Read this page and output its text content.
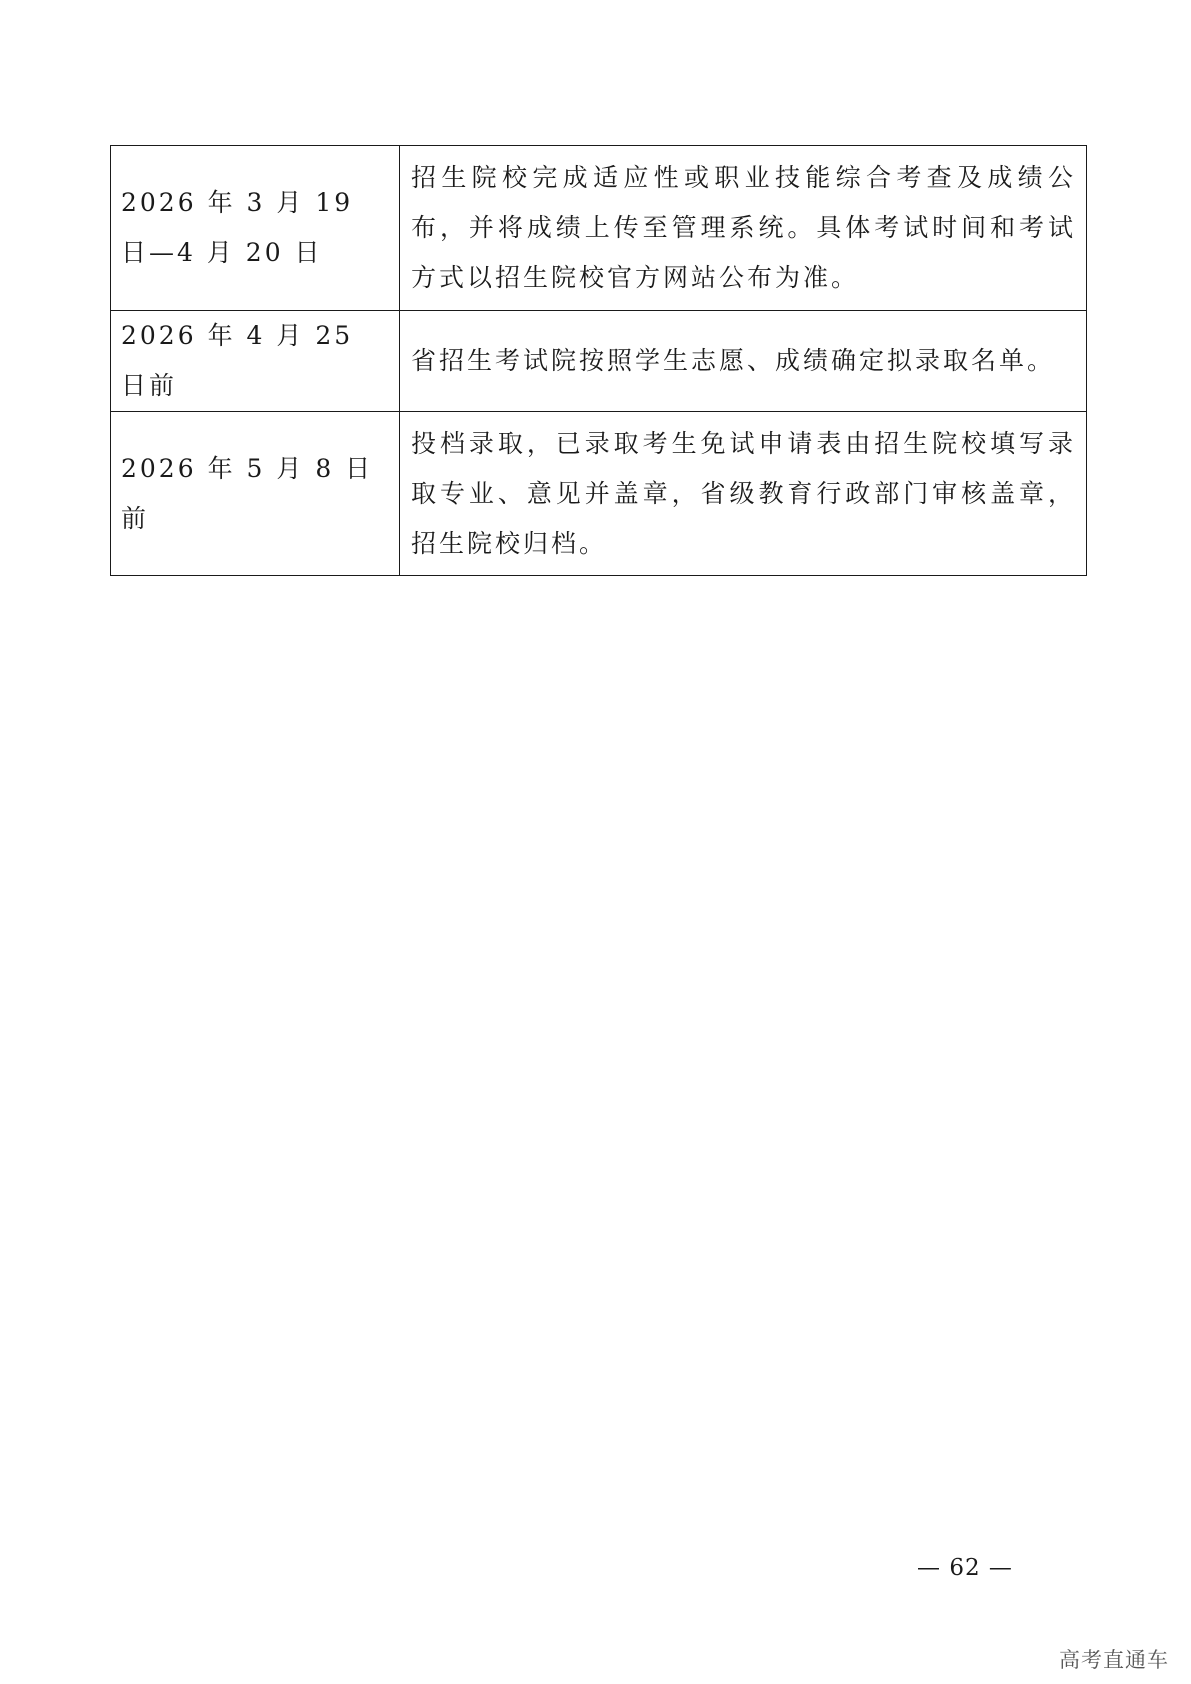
2026 年 3 月 19 日—4 月 20 日	招生院校完成适应性或职业技能综合考查及成绩公布，并将成绩上传至管理系统。具体考试时间和考试方式以招生院校官方网站公布为准。
2026 年 4 月 25 日前	省招生考试院按照学生志愿、成绩确定拟录取名单。
2026 年 5 月 8 日前	投档录取，已录取考生免试申请表由招生院校填写录取专业、意见并盖章，省级教育行政部门审核盖章，招生院校归档。
— 62 —
高考直通车
